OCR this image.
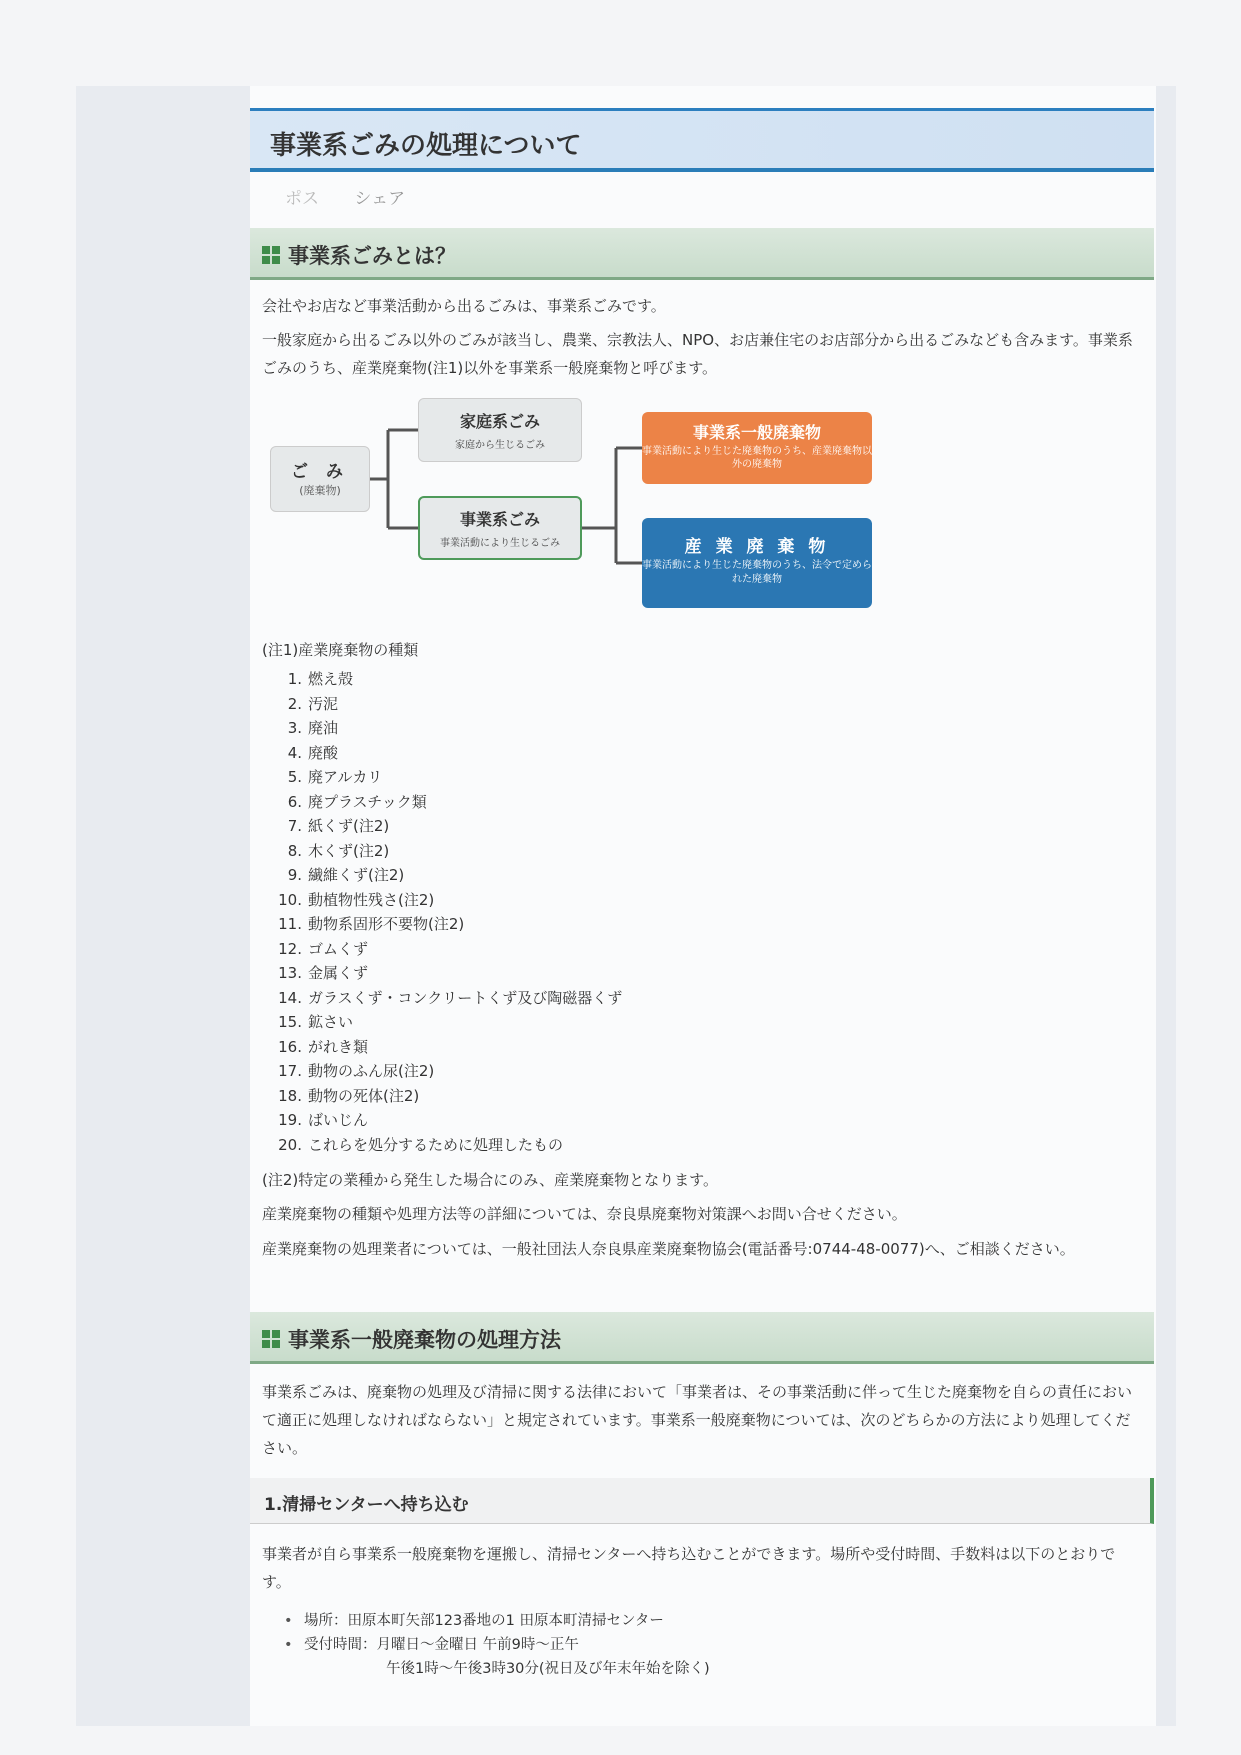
事業系ごみの処理について
ポス シェア
事業系ごみとは？

会社やお店など事業活動から出るごみは、事業系ごみです。

一般家庭から出るごみ以外のごみが該当し、農業、宗教法人、NPO、お店兼住宅のお店部分から出るごみなども含みます。事業系ごみのうち、産業廃棄物(注1)以外を事業系一般廃棄物と呼びます。

ご み
(廃棄物)
家庭系ごみ
家庭から生じるごみ
事業系ごみ
事業活動により生じるごみ
事業系一般廃棄物
事業活動により生じた廃棄物のうち、産業廃棄物以外の廃棄物
産 業 廃 棄 物
事業活動により生じた廃棄物のうち、法令で定められた廃棄物

(注1)産業廃棄物の種類

1. 燃え殻
2. 汚泥
3. 廃油
4. 廃酸
5. 廃アルカリ
6. 廃プラスチック類
7. 紙くず(注2)
8. 木くず(注2)
9. 繊維くず(注2)
10. 動植物性残さ(注2)
11. 動物系固形不要物(注2)
12. ゴムくず
13. 金属くず
14. ガラスくず・コンクリートくず及び陶磁器くず
15. 鉱さい
16. がれき類
17. 動物のふん尿(注2)
18. 動物の死体(注2)
19. ばいじん
20. これらを処分するために処理したもの

(注2)特定の業種から発生した場合にのみ、産業廃棄物となります。

産業廃棄物の種類や処理方法等の詳細については、奈良県廃棄物対策課へお問い合せください。

産業廃棄物の処理業者については、一般社団法人奈良県産業廃棄物協会(電話番号:0744-48-0077)へ、ご相談ください。

事業系一般廃棄物の処理方法

事業系ごみは、廃棄物の処理及び清掃に関する法律において「事業者は、その事業活動に伴って生じた廃棄物を自らの責任において適正に処理しなければならない」と規定されています。事業系一般廃棄物については、次のどちらかの方法により処理してください。

1.清掃センターへ持ち込む

事業者が自ら事業系一般廃棄物を運搬し、清掃センターへ持ち込むことができます。場所や受付時間、手数料は以下のとおりです。

• 場所：田原本町矢部123番地の1 田原本町清掃センター
• 受付時間：月曜日～金曜日 午前9時～正午
午後1時～午後3時30分(祝日及び年末年始を除く)
